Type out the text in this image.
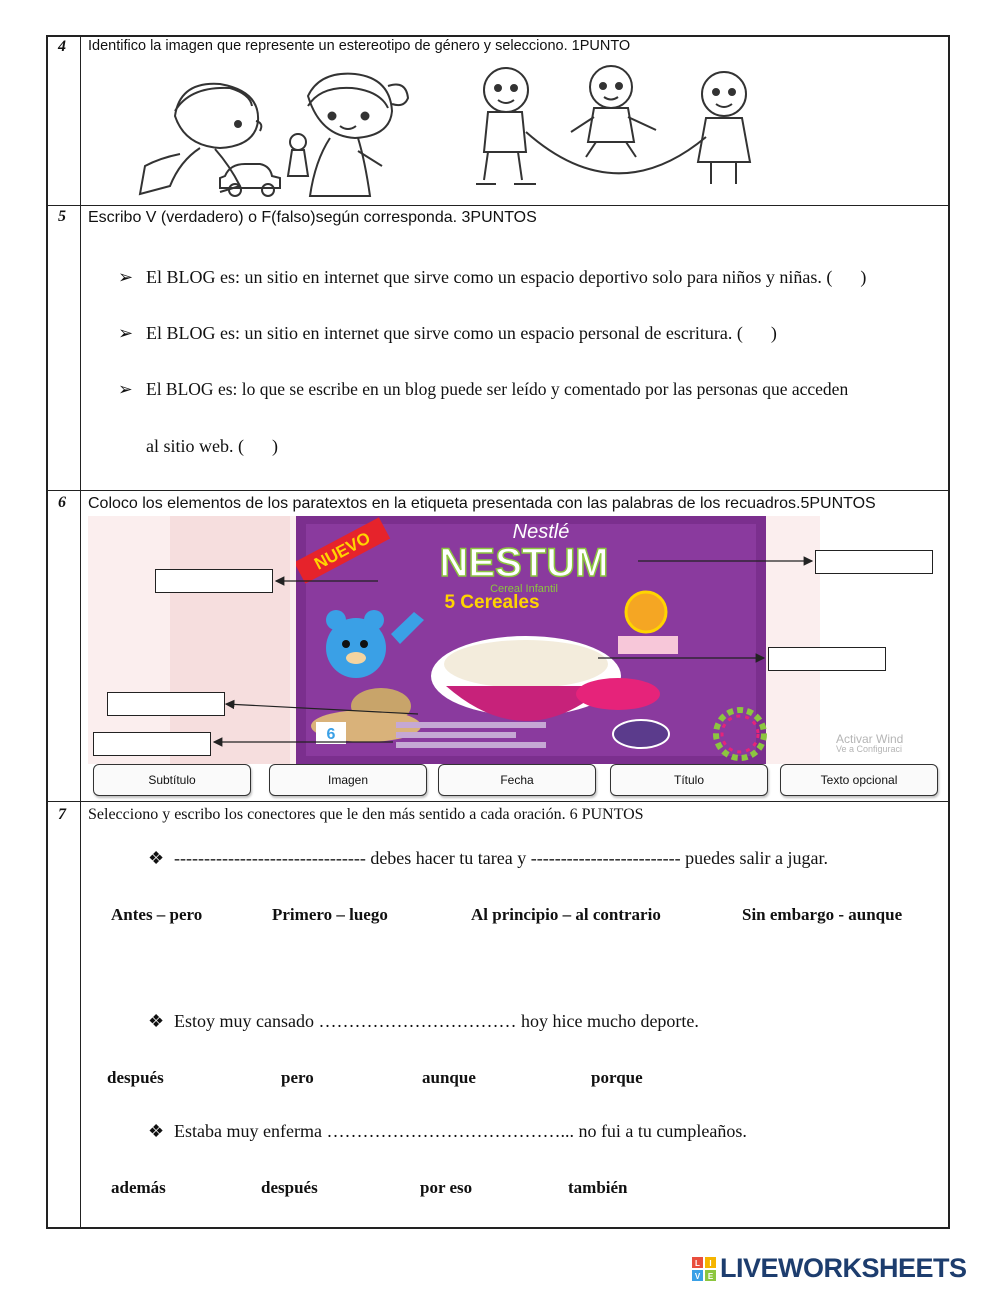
4 Identifico la imagen que represente un estereotipo de género y selecciono. 1PUNTO
5 Escribo V (verdadero) o F(falso)según corresponda. 3PUNTOS
➢ El BLOG es: un sitio en internet que sirve como un espacio deportivo solo para niños y niñas. ( )
➢ El BLOG es: un sitio en internet que sirve como un espacio personal de escritura. ( )
➢ El BLOG es: lo que se escribe en un blog puede ser leído y comentado por las personas que acceden
al sitio web. ( )
6 Coloco los elementos de los paratextos en la etiqueta presentada con las palabras de los recuadros.5PUNTOS
NUEVO	Nestlé
NESTUM
Cereal Infantil
5 Cereales
6	Activar Wind
Ve a Configuraci
Subtítulo	Imagen	Fecha	Título	Texto opcional
7 Selecciono y escribo los conectores que le den más sentido a cada oración. 6 PUNTOS
❖ -------------------------------- debes hacer tu tarea y ------------------------- puedes salir a jugar.
Antes – pero	Primero – luego	Al principio – al contrario	Sin embargo - aunque
❖ Estoy muy cansado …………………………… hoy hice mucho deporte.
después	pero	aunque	porque
❖ Estaba muy enferma …………………………………... no fui a tu cumpleaños.
además	después	por eso	también
L I
V E LIVEWORKSHEETS
